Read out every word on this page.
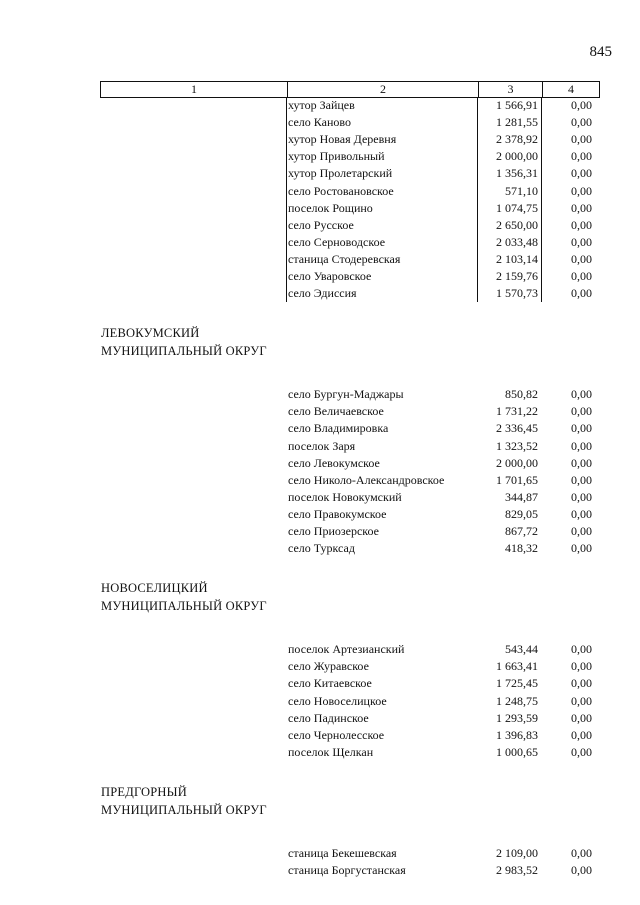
845
1	2	3	4
хутор Зайцев	1 566,91	0,00
село Каново	1 281,55	0,00
хутор Новая Деревня	2 378,92	0,00
хутор Привольный	2 000,00	0,00
хутор Пролетарский	1 356,31	0,00
село Ростовановское	571,10	0,00
поселок Рощино	1 074,75	0,00
село Русское	2 650,00	0,00
село Серноводское	2 033,48	0,00
станица Стодеревская	2 103,14	0,00
село Уваровское	2 159,76	0,00
село Эдиссия	1 570,73	0,00
ЛЕВОКУМСКИЙ
МУНИЦИПАЛЬНЫЙ ОКРУГ
село Бургун-Маджары	850,82	0,00
село Величаевское	1 731,22	0,00
село Владимировка	2 336,45	0,00
поселок Заря	1 323,52	0,00
село Левокумское	2 000,00	0,00
село Николо-Александровское	1 701,65	0,00
поселок Новокумский	344,87	0,00
село Правокумское	829,05	0,00
село Приозерское	867,72	0,00
село Турксад	418,32	0,00
НОВОСЕЛИЦКИЙ
МУНИЦИПАЛЬНЫЙ ОКРУГ
поселок Артезианский	543,44	0,00
село Журавское	1 663,41	0,00
село Китаевское	1 725,45	0,00
село Новоселицкое	1 248,75	0,00
село Падинское	1 293,59	0,00
село Чернолесское	1 396,83	0,00
поселок Щелкан	1 000,65	0,00
ПРЕДГОРНЫЙ
МУНИЦИПАЛЬНЫЙ ОКРУГ
станица Бекешевская	2 109,00	0,00
станица Боргустанская	2 983,52	0,00
